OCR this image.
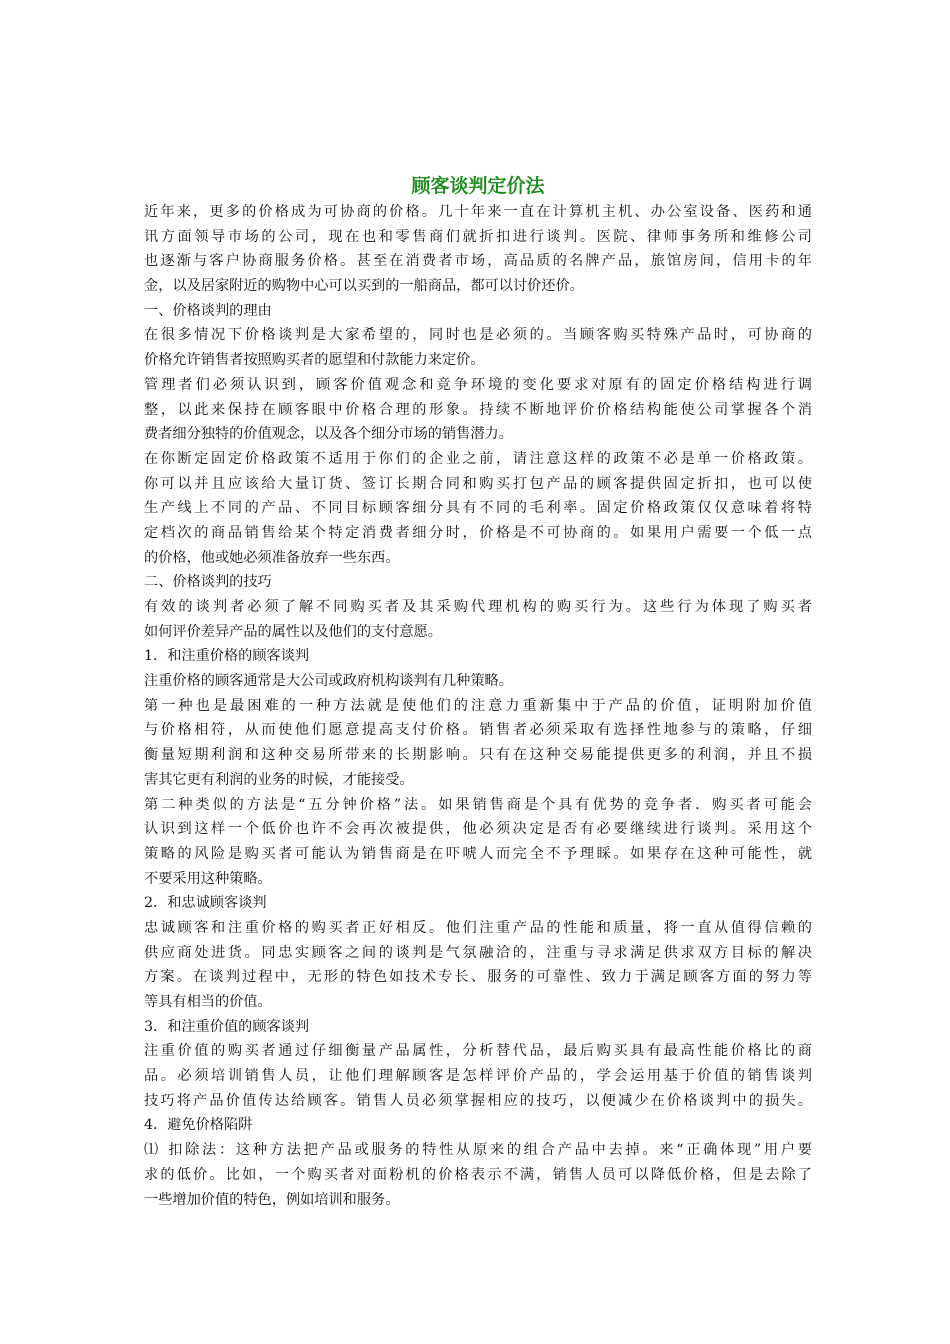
顾客谈判定价法
近年来，更多的价格成为可协商的价格。几十年来一直在计算机主机、办公室设备、医药和通
讯方面领导市场的公司，现在也和零售商们就折扣进行谈判。医院、律师事务所和维修公司
也逐渐与客户协商服务价格。甚至在消费者市场，高品质的名牌产品，旅馆房间，信用卡的年
金，以及居家附近的购物中心可以买到的一船商品，都可以讨价还价。
一、价格谈判的理由
在很多情况下价格谈判是大家希望的，同时也是必须的。当顾客购买特殊产品时，可协商的
价格允许销售者按照购买者的愿望和付款能力来定价。
管理者们必须认识到，顾客价值观念和竞争环境的变化要求对原有的固定价格结构进行调
整，以此来保持在顾客眼中价格合理的形象。持续不断地评价价格结构能使公司掌握各个消
费者细分独特的价值观念，以及各个细分市场的销售潜力。
在你断定固定价格政策不适用于你们的企业之前，请注意这样的政策不必是单一价格政策。
你可以并且应该给大量订货、签订长期合同和购买打包产品的顾客提供固定折扣，也可以使
生产线上不同的产品、不同目标顾客细分具有不同的毛利率。固定价格政策仅仅意味着将特
定档次的商品销售给某个特定消费者细分时，价格是不可协商的。如果用户需要一个低一点
的价格，他或她必须准备放弃一些东西。
二、价格谈判的技巧
有效的谈判者必须了解不同购买者及其采购代理机构的购买行为。这些行为体现了购买者
如何评价差异产品的属性以及他们的支付意愿。
1．和注重价格的顾客谈判
注重价格的顾客通常是大公司或政府机构谈判有几种策略。
第一种也是最困难的一种方法就是使他们的注意力重新集中于产品的价值，证明附加价值
与价格相符，从而使他们愿意提高支付价格。销售者必须采取有选择性地参与的策略，仔细
衡量短期利润和这种交易所带来的长期影响。只有在这种交易能提供更多的利润，并且不损
害其它更有利润的业务的时候，才能接受。
第二种类似的方法是“五分钟价格”法。如果销售商是个具有优势的竞争者．购买者可能会
认识到这样一个低价也许不会再次被提供，他必须决定是否有必要继续进行谈判。采用这个
策略的风险是购买者可能认为销售商是在吓唬人而完全不予理睬。如果存在这种可能性，就
不要采用这种策略。
2．和忠诚顾客谈判
忠诚顾客和注重价格的购买者正好相反。他们注重产品的性能和质量，将一直从值得信赖的
供应商处进货。同忠实顾客之间的谈判是气氛融洽的，注重与寻求满足供求双方目标的解决
方案。在谈判过程中，无形的特色如技术专长、服务的可靠性、致力于满足顾客方面的努力等
等具有相当的价值。
3．和注重价值的顾客谈判
注重价值的购买者通过仔细衡量产品属性，分析替代品，最后购买具有最高性能价格比的商
品。必须培训销售人员，让他们理解顾客是怎样评价产品的，学会运用基于价值的销售谈判
技巧将产品价值传达给顾客。销售人员必须掌握相应的技巧，以便减少在价格谈判中的损失。
4．避免价格陷阱
⑴ 扣除法：这种方法把产品或服务的特性从原来的组合产品中去掉。来“正确体现”用户要
求的低价。比如，一个购买者对面粉机的价格表示不满，销售人员可以降低价格，但是去除了
一些增加价值的特色，例如培训和服务。
